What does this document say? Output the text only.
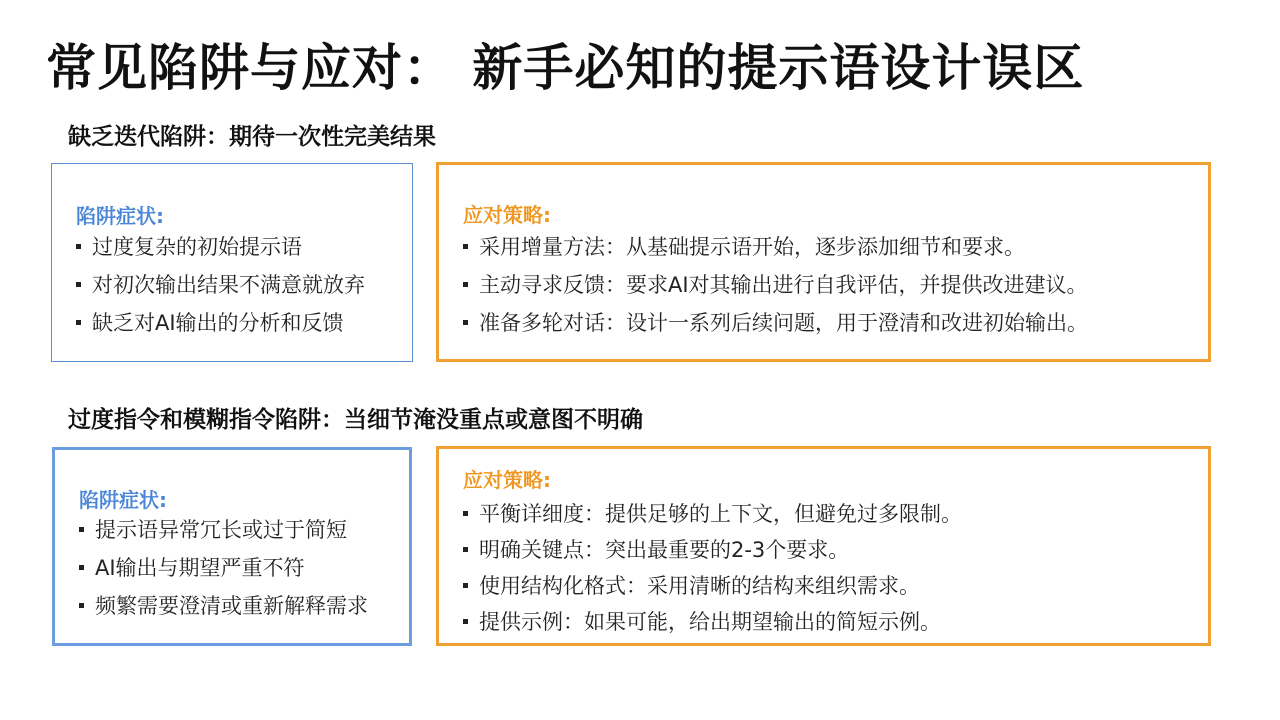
常见陷阱与应对： 新手必知的提示语设计误区
缺乏迭代陷阱：期待一次性完美结果
陷阱症状:
过度复杂的初始提示语
对初次输出结果不满意就放弃
缺乏对AI输出的分析和反馈
应对策略:
采用增量方法：从基础提示语开始，逐步添加细节和要求。
主动寻求反馈：要求AI对其输出进行自我评估，并提供改进建议。
准备多轮对话：设计一系列后续问题，用于澄清和改进初始输出。
过度指令和模糊指令陷阱：当细节淹没重点或意图不明确
陷阱症状:
提示语异常冗长或过于简短
AI输出与期望严重不符
频繁需要澄清或重新解释需求
应对策略:
平衡详细度：提供足够的上下文，但避免过多限制。
明确关键点：突出最重要的2-3个要求。
使用结构化格式：采用清晰的结构来组织需求。
提供示例：如果可能，给出期望输出的简短示例。
